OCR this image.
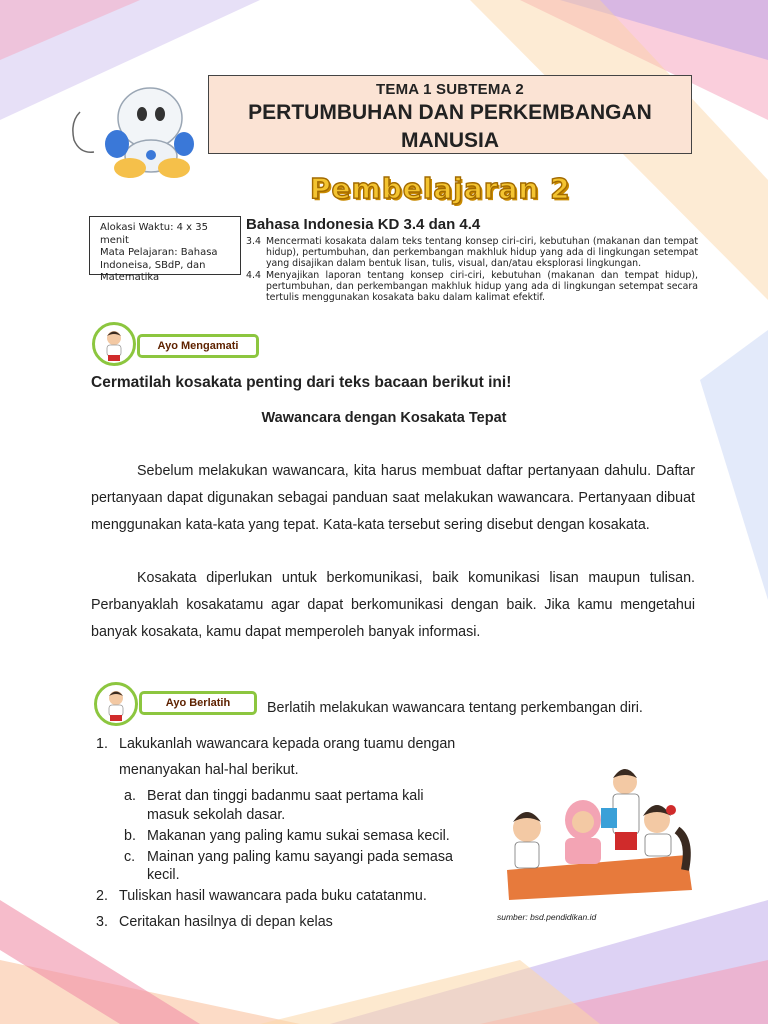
TEMA 1 SUBTEMA 2
PERTUMBUHAN DAN PERKEMBANGAN
MANUSIA
Pembelajaran 2
Alokasi Waktu: 4 x 35 menit
Mata Pelajaran: Bahasa
Indoneisa, SBdP, dan
Matematika
Bahasa Indonesia KD 3.4 dan 4.4
3.4 Mencermati kosakata dalam teks tentang konsep ciri-ciri, kebutuhan (makanan dan tempat hidup), pertumbuhan, dan perkembangan makhluk hidup yang ada di lingkungan setempat yang disajikan dalam bentuk lisan, tulis, visual, dan/atau eksplorasi lingkungan.
4.4 Menyajikan laporan tentang konsep ciri-ciri, kebutuhan (makanan dan tempat hidup), pertumbuhan, dan perkembangan makhluk hidup yang ada di lingkungan setempat secara tertulis menggunakan kosakata baku dalam kalimat efektif.
Ayo Mengamati
Cermatilah kosakata penting dari teks bacaan berikut ini!
Wawancara dengan Kosakata Tepat
Sebelum melakukan wawancara, kita harus membuat daftar pertanyaan dahulu. Daftar pertanyaan dapat digunakan sebagai panduan saat melakukan wawancara. Pertanyaan dibuat menggunakan kata-kata yang tepat. Kata-kata tersebut sering disebut dengan kosakata.
Kosakata diperlukan untuk berkomunikasi, baik komunikasi lisan maupun tulisan. Perbanyaklah kosakatamu agar dapat berkomunikasi dengan baik. Jika kamu mengetahui banyak kosakata, kamu dapat memperoleh banyak informasi.
Ayo Berlatih	Berlatih melakukan wawancara tentang perkembangan diri.
1. Lakukanlah wawancara kepada orang tuamu dengan
menanyakan hal-hal berikut.
a. Berat dan tinggi badanmu saat pertama kali
masuk sekolah dasar.
b. Makanan yang paling kamu sukai semasa kecil.
c. Mainan yang paling kamu sayangi pada semasa
kecil.
2. Tuliskan hasil wawancara pada buku catatanmu.
3. Ceritakan hasilnya di depan kelas	sumber: bsd.pendidikan.id
